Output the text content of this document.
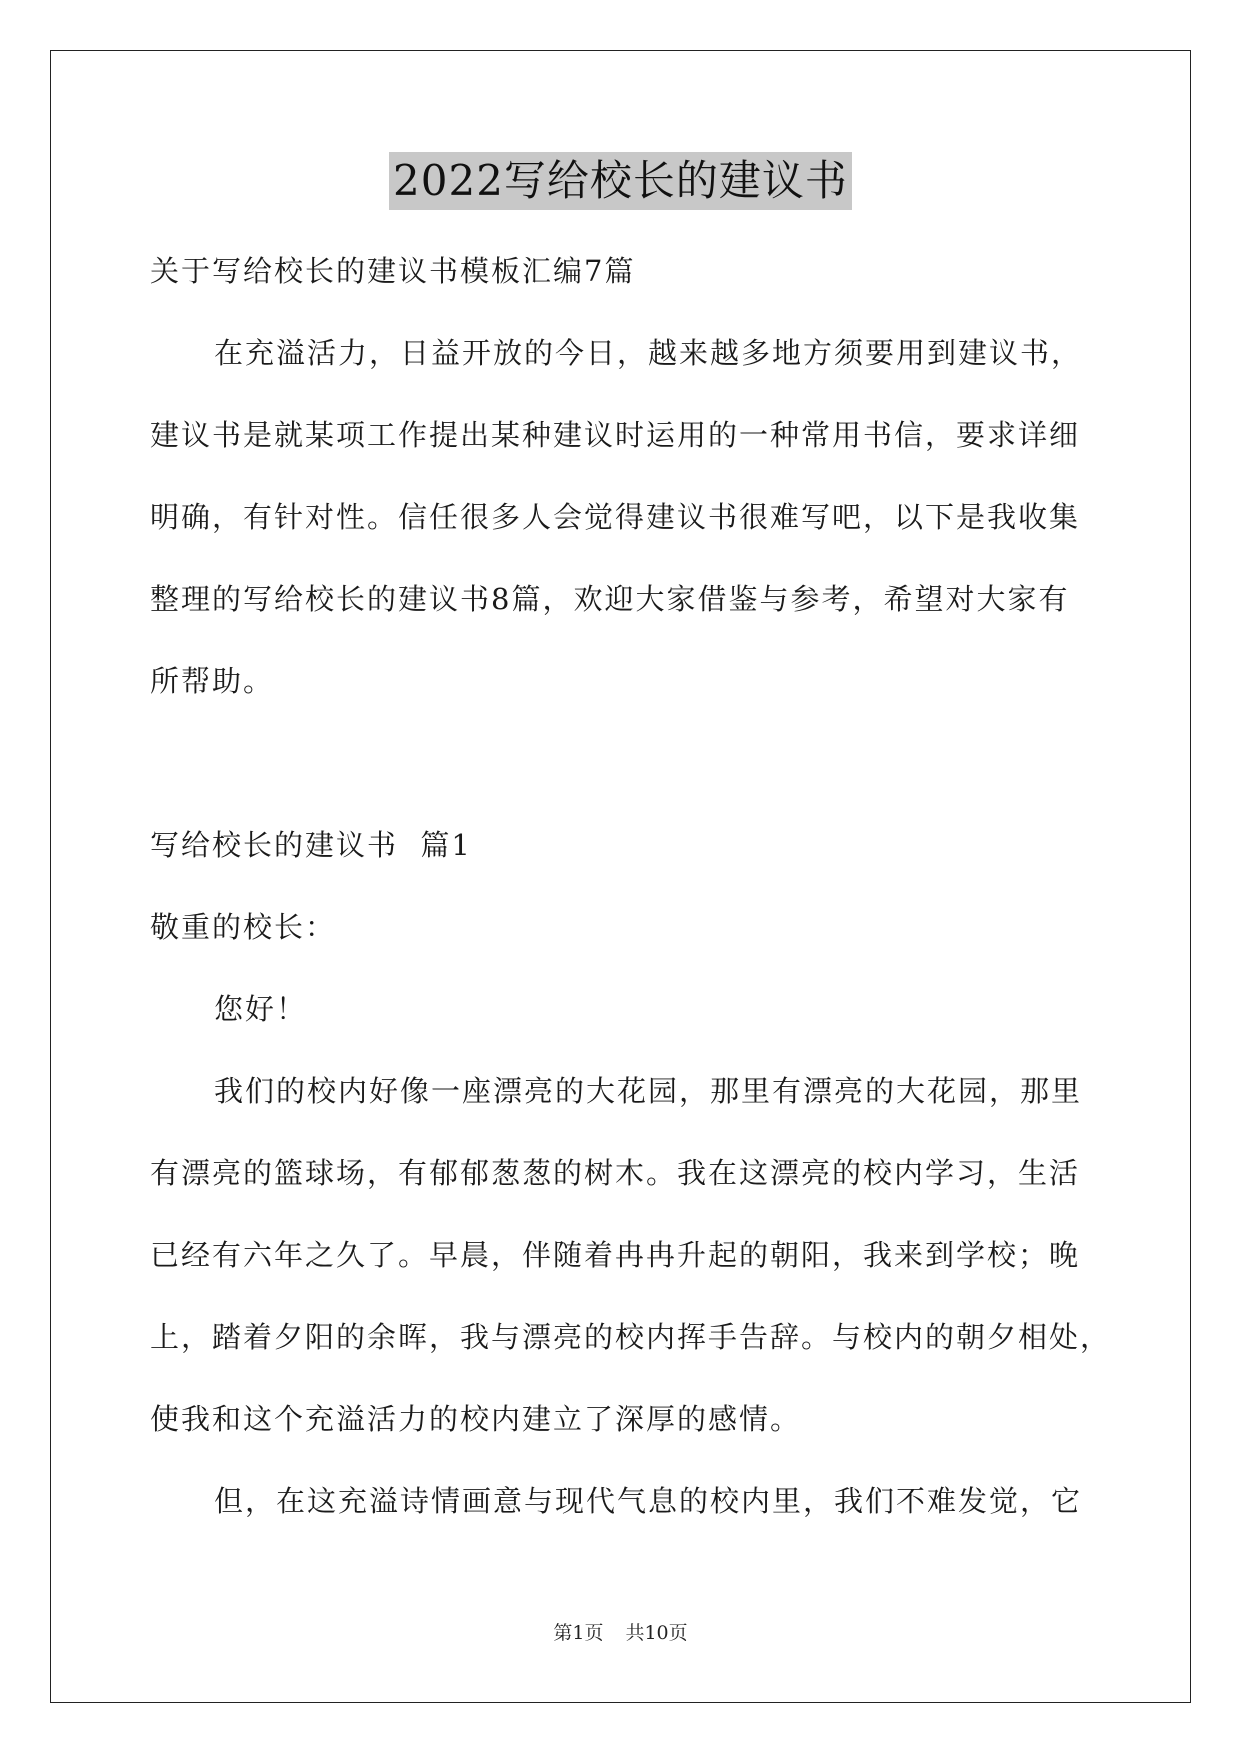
2022写给校长的建议书
关于写给校长的建议书模板汇编7篇
在充溢活力，日益开放的今日，越来越多地方须要用到建议书，
建议书是就某项工作提出某种建议时运用的一种常用书信，要求详细
明确，有针对性。信任很多人会觉得建议书很难写吧，以下是我收集
整理的写给校长的建议书8篇，欢迎大家借鉴与参考，希望对大家有
所帮助。
写给校长的建议书  篇1
敬重的校长：
您好！
我们的校内好像一座漂亮的大花园，那里有漂亮的大花园，那里
有漂亮的篮球场，有郁郁葱葱的树木。我在这漂亮的校内学习，生活
已经有六年之久了。早晨，伴随着冉冉升起的朝阳，我来到学校；晚
上，踏着夕阳的余晖，我与漂亮的校内挥手告辞。与校内的朝夕相处，
使我和这个充溢活力的校内建立了深厚的感情。
但，在这充溢诗情画意与现代气息的校内里，我们不难发觉，它
第1页 共10页
